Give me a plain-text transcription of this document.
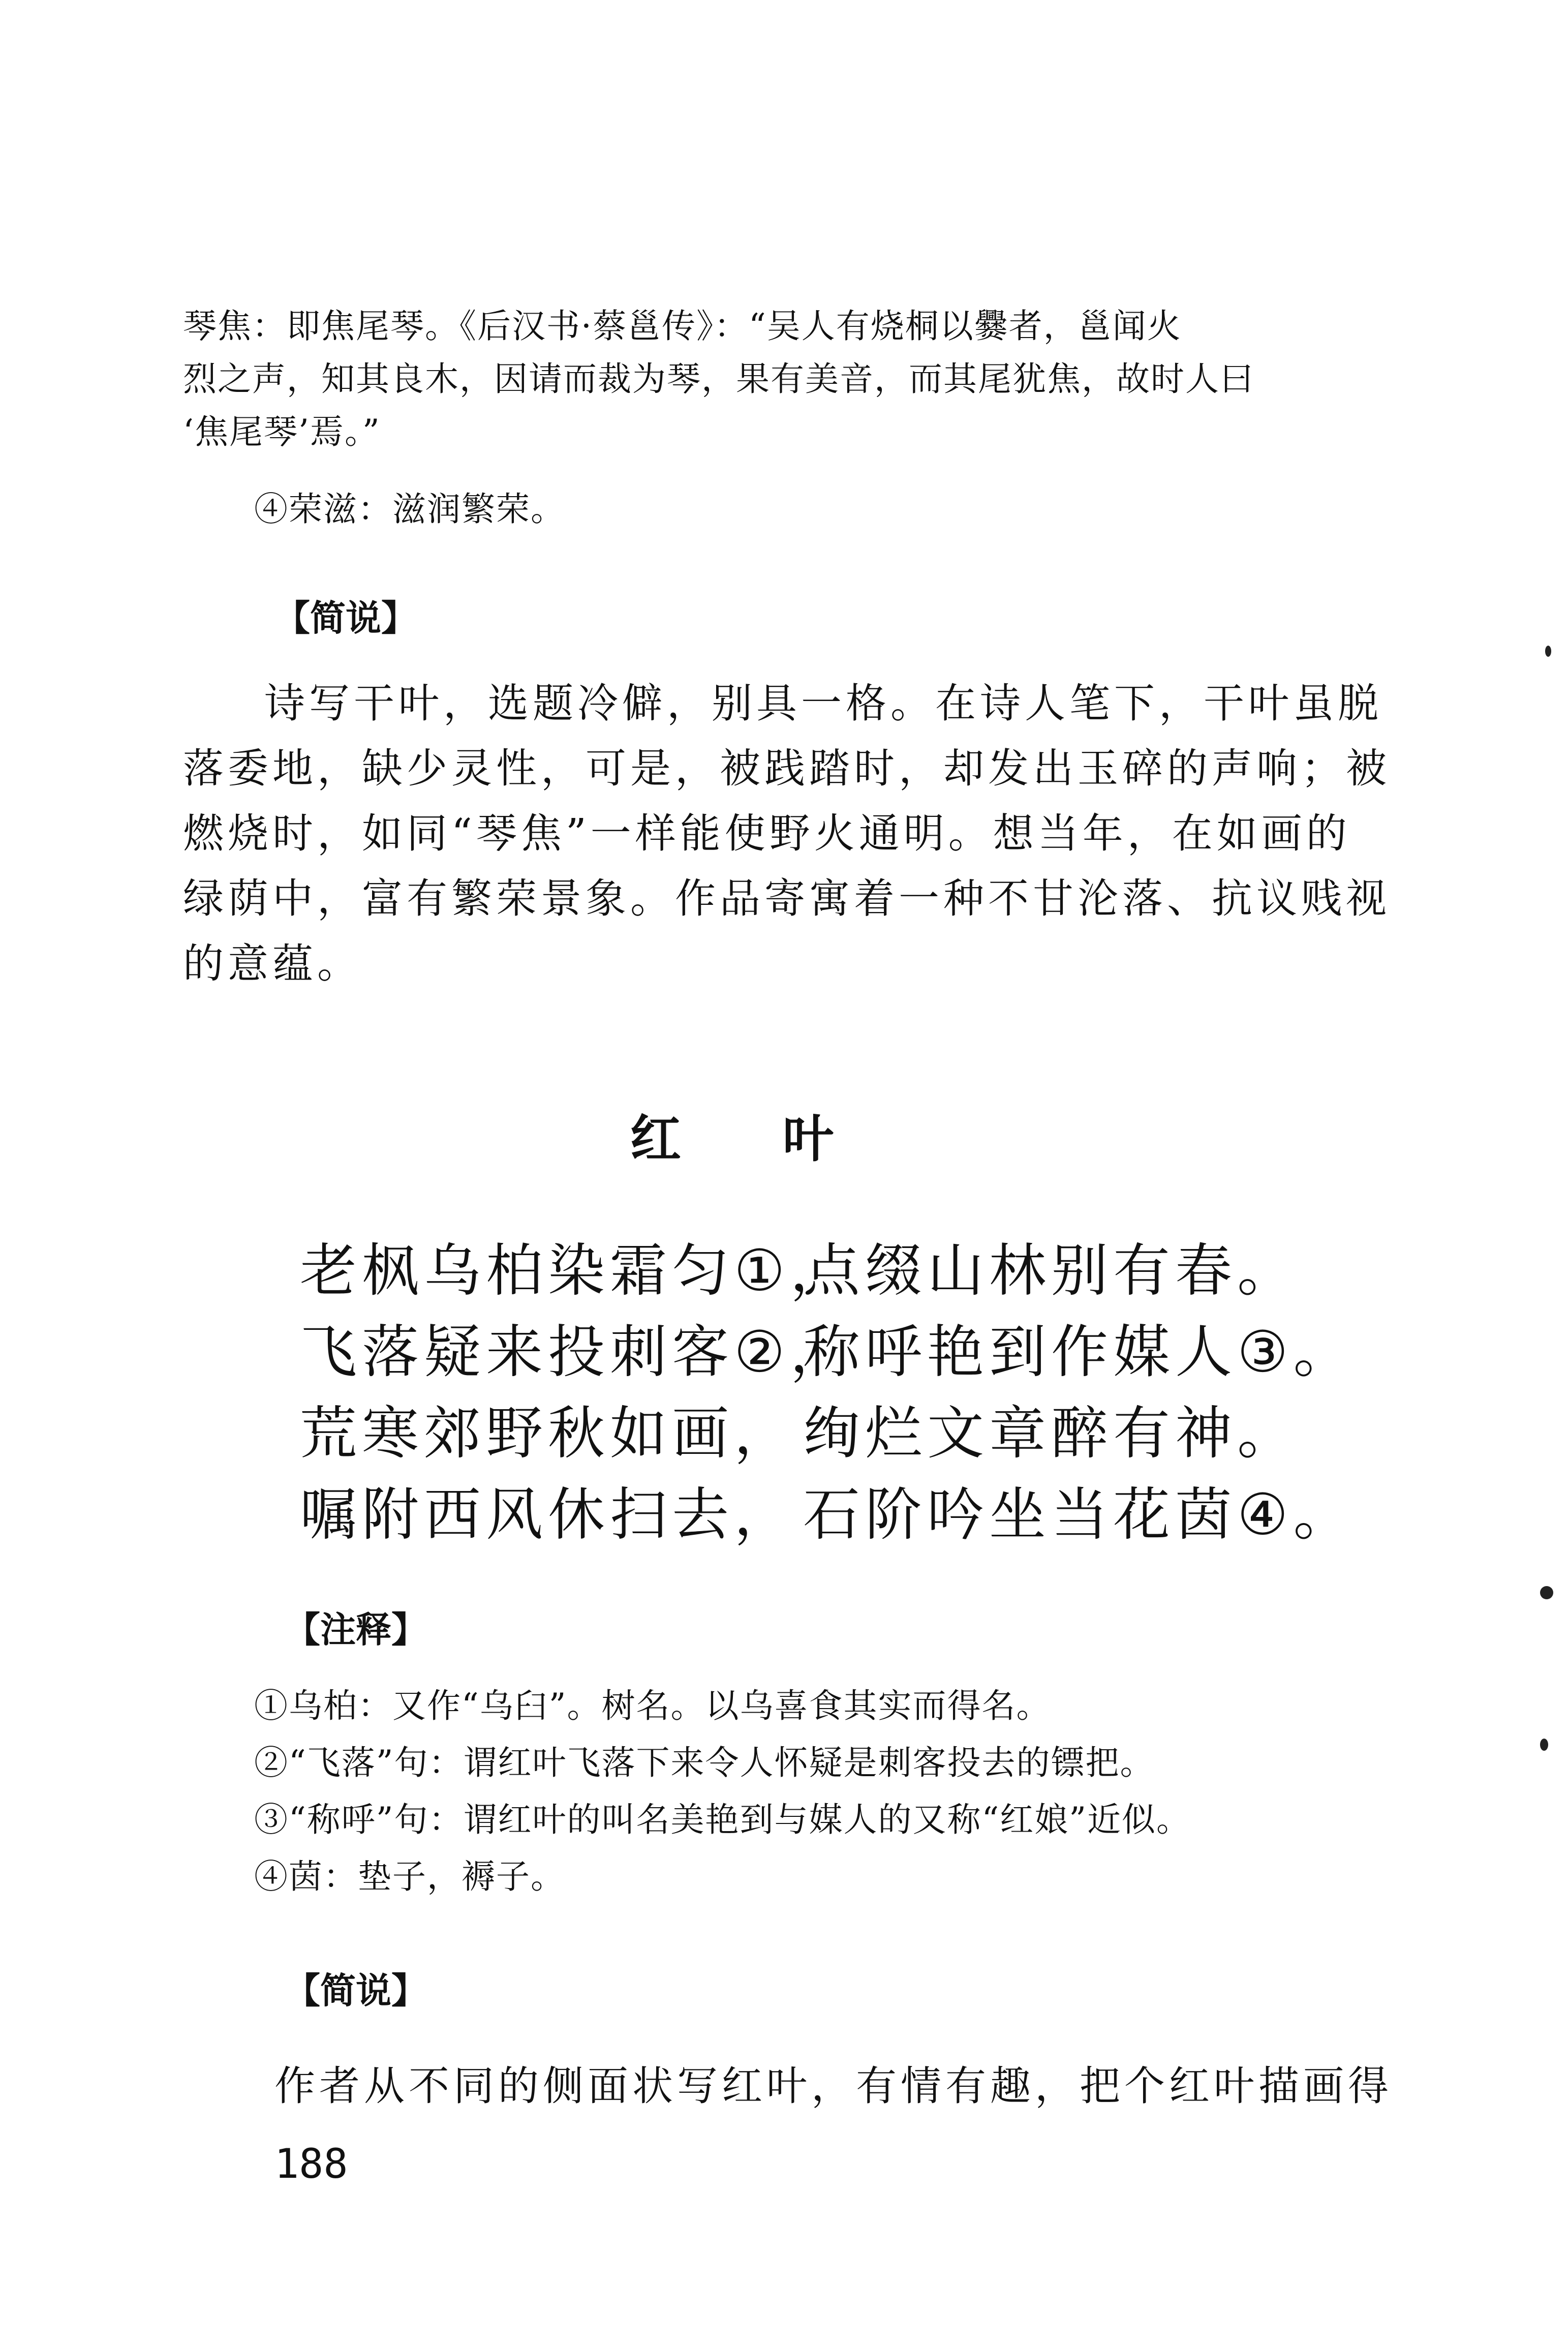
琴焦：即焦尾琴。《后汉书·蔡邕传》：“吴人有烧桐以爨者，邕闻火
烈之声，知其良木，因请而裁为琴，果有美音，而其尾犹焦，故时人曰
‘焦尾琴’焉。”
④荣滋：滋润繁荣。
【简说】
诗写干叶，选题冷僻，别具一格。在诗人笔下，干叶虽脱
落委地，缺少灵性，可是，被践踏时，却发出玉碎的声响；被
燃烧时，如同“琴焦”一样能使野火通明。想当年，在如画的
绿荫中，富有繁荣景象。作品寄寓着一种不甘沦落、抗议贱视
的意蕴。
红　　叶
老枫乌柏染霜匀①，
点缀山林别有春。
飞落疑来投刺客②，
称呼艳到作媒人③。
荒寒郊野秋如画， 绚烂文章醉有神。
嘱附西风休扫去， 石阶吟坐当花茵④。
【注释】
①乌柏：又作“乌臼”。树名。以乌喜食其实而得名。
②“飞落”句：谓红叶飞落下来令人怀疑是刺客投去的镖把。
③“称呼”句：谓红叶的叫名美艳到与媒人的又称“红娘”近似。
④茵：垫子，褥子。
【简说】
作者从不同的侧面状写红叶，有情有趣，把个红叶描画得
188
